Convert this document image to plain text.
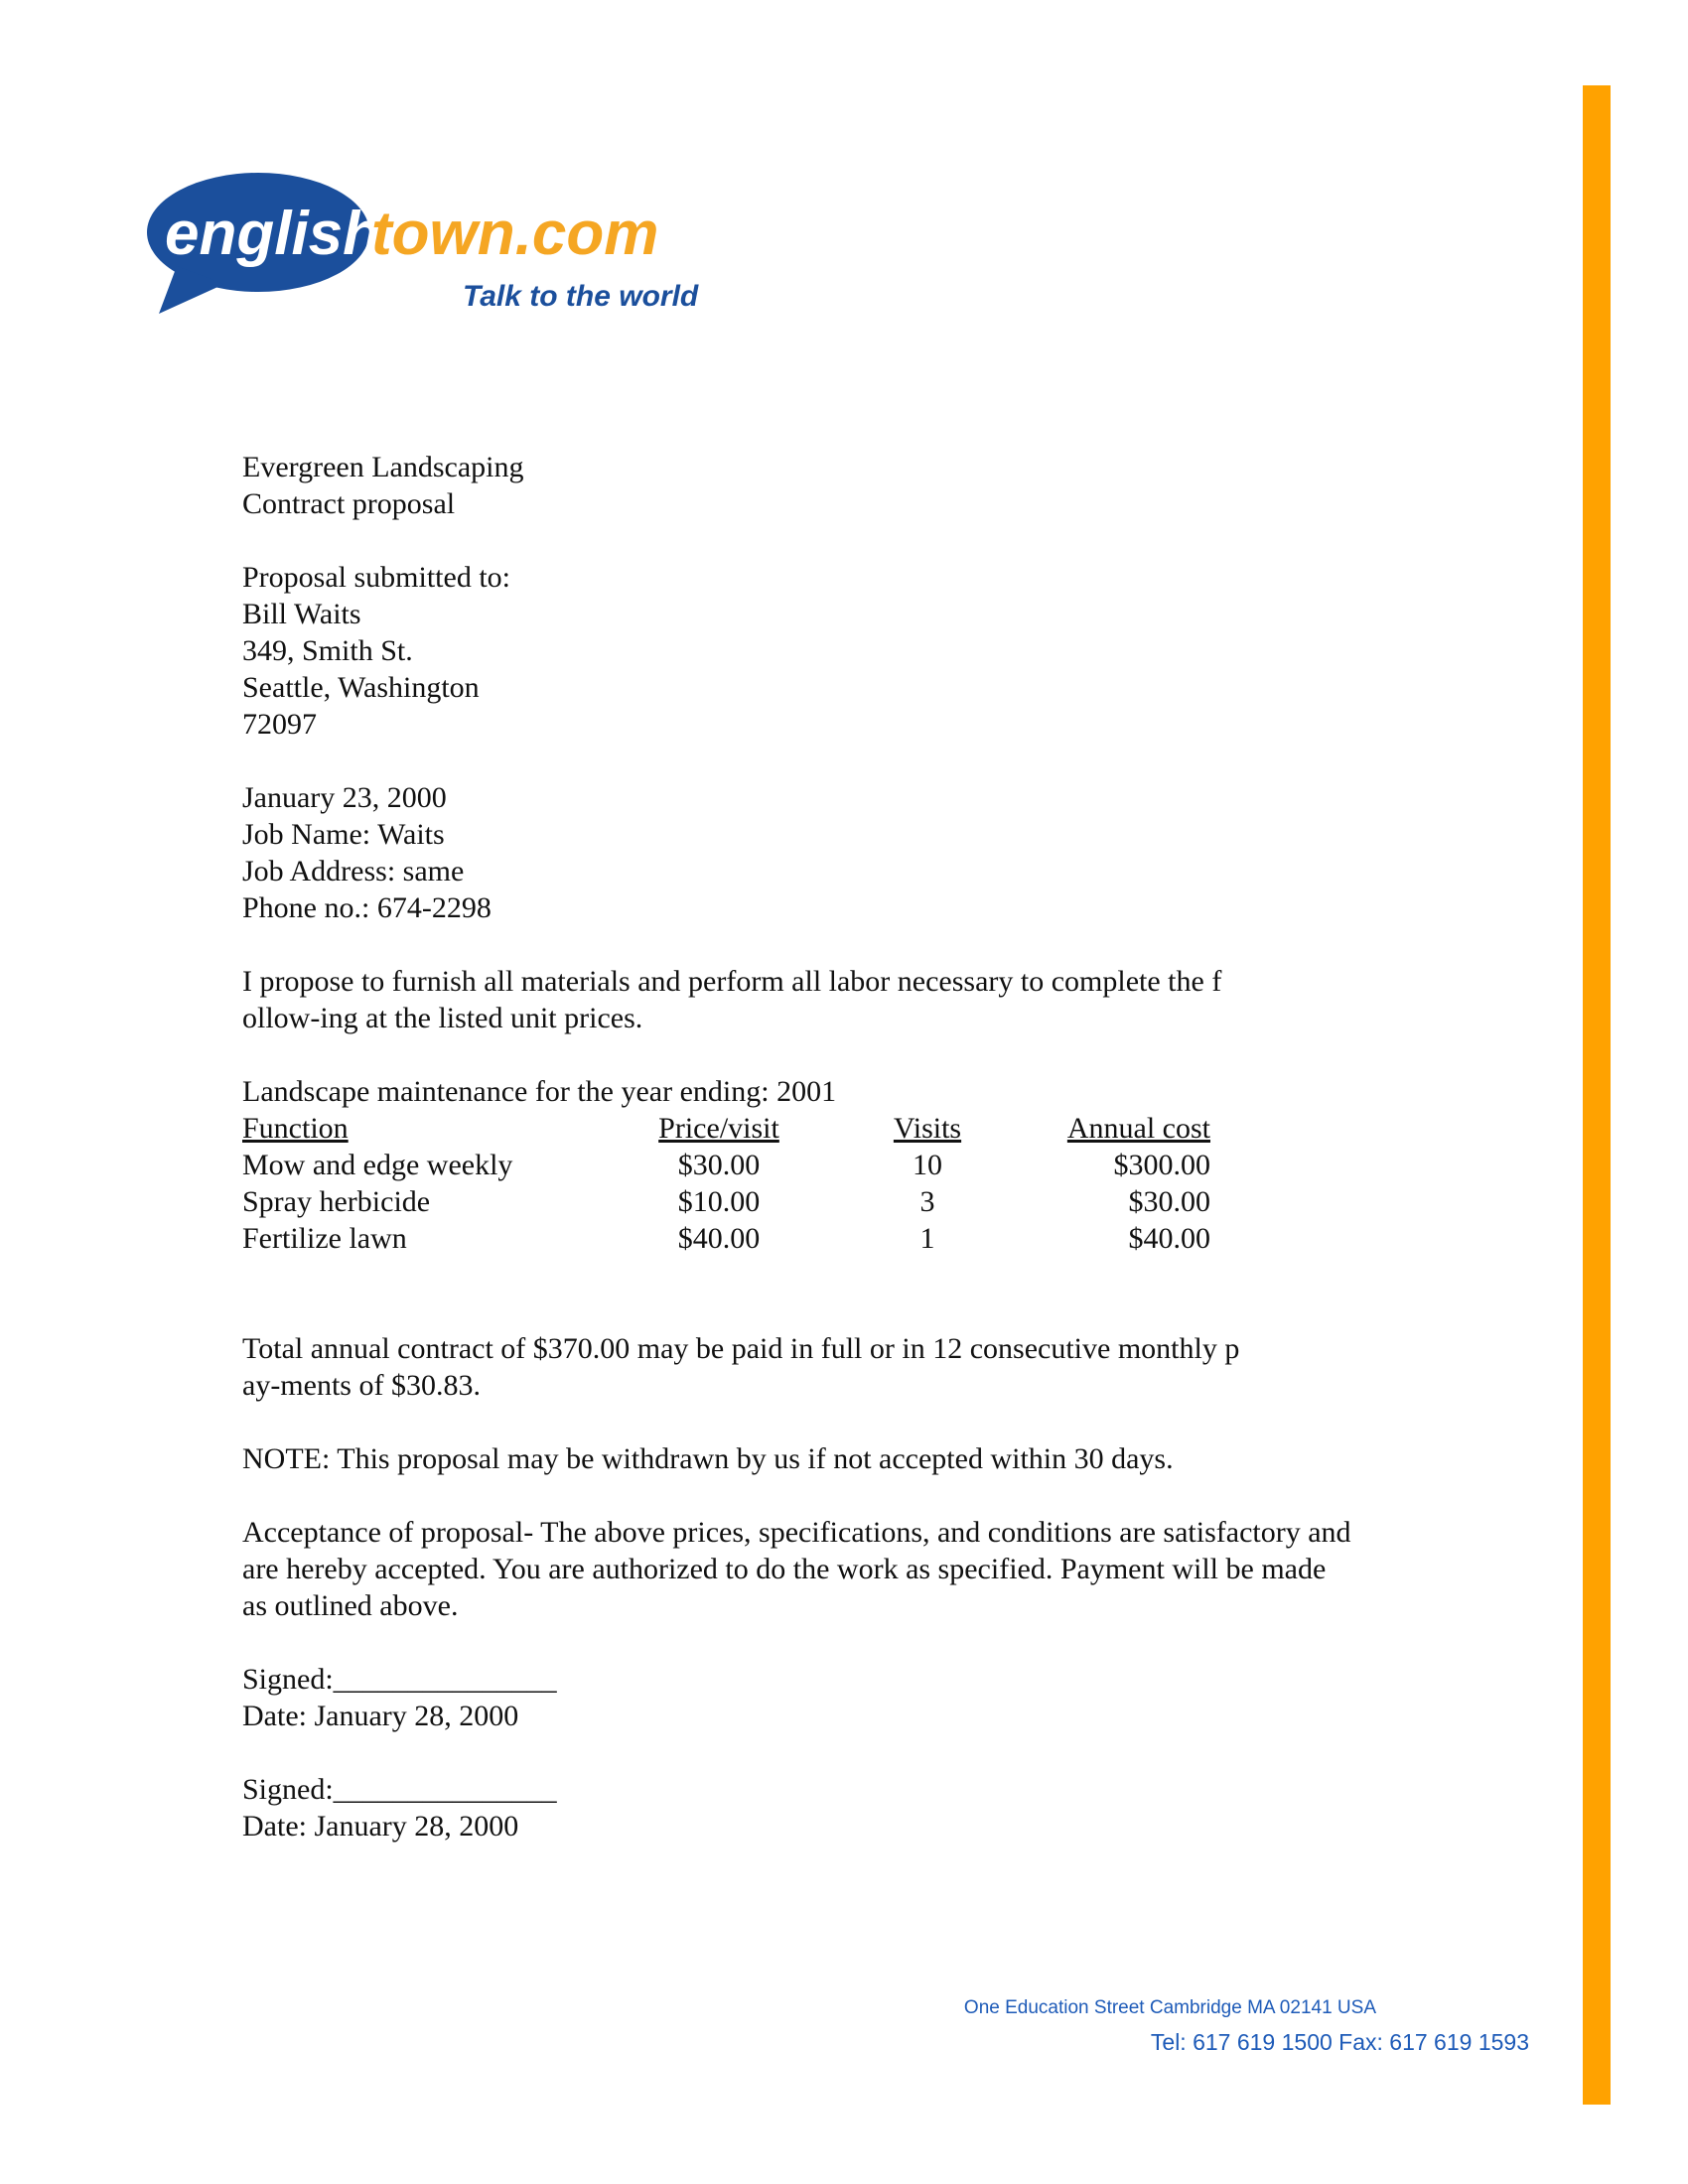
english
town.com
Talk to the world
Evergreen Landscaping
Contract proposal
Proposal submitted to:
Bill Waits
349, Smith St.
Seattle, Washington
72097
January 23, 2000
Job Name: Waits
Job Address: same
Phone no.: 674-2298
I propose to furnish all materials and perform all labor necessary to complete the f
ollow-ing at the listed unit prices.
Landscape maintenance for the year ending: 2001
Function	Price/visit	Visits	Annual cost
Mow and edge weekly	$30.00	10	$300.00
Spray herbicide	$10.00	3	$30.00
Fertilize lawn	$40.00	1	$40.00
Total annual contract of $370.00 may be paid in full or in 12 consecutive monthly p
ay-ments of $30.83.
NOTE: This proposal may be withdrawn by us if not accepted within 30 days.
Acceptance of proposal- The above prices, specifications, and conditions are satisfactory and are hereby accepted. You are authorized to do the work as specified. Payment will be made as outlined above.
Signed:_______________
Date: January 28, 2000
Signed:_______________
Date: January 28, 2000
One Education Street Cambridge MA 02141 USA
Tel: 617 619 1500 Fax: 617 619 1593
